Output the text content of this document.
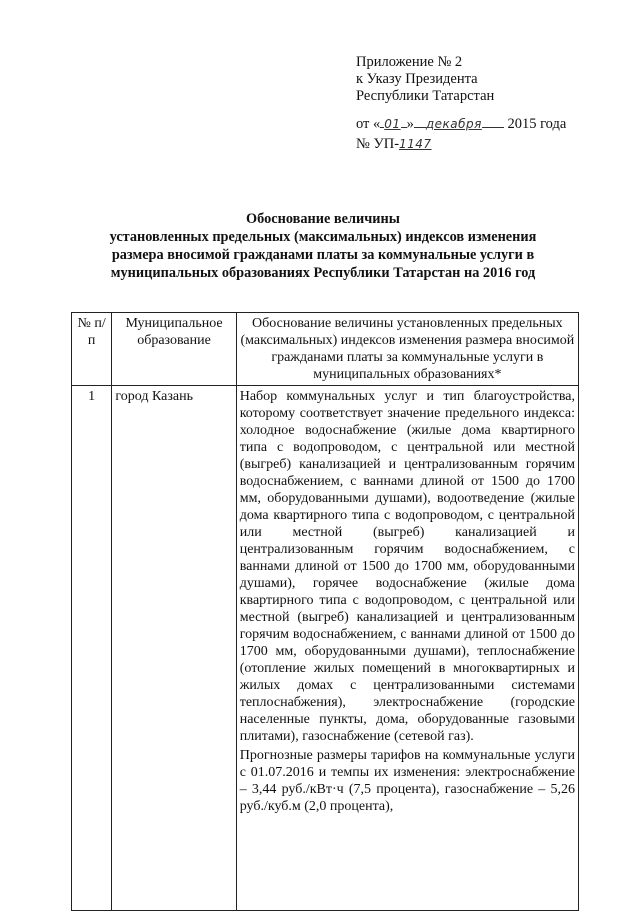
Приложение № 2
к Указу Президента
Республики Татарстан
от « 01 » декабря 2015 года
№ УП-1147
Обоснование величины
установленных предельных (максимальных) индексов изменения
размера вносимой гражданами платы за коммунальные услуги в
муниципальных образованиях Республики Татарстан на 2016 год
№ п/п	Муниципальное образование	Обоснование величины установленных предельных (максимальных) индексов изменения размера вносимой гражданами платы за коммунальные услуги в муниципальных образованиях*
1	город Казань	Набор коммунальных услуг и тип благоустройства, которому соответствует значение предельного индекса: холодное водоснабжение (жилые дома квартирного типа с водопроводом, с центральной или местной (выгреб) канализацией и централизованным горячим водоснабжением, с ваннами длиной от 1500 до 1700 мм, оборудованными душами), водоотведение (жилые дома квартирного типа с водопроводом, с центральной или местной (выгреб) канализацией и централизованным горячим водоснабжением, с ваннами длиной от 1500 до 1700 мм, оборудованными душами), горячее водоснабжение (жилые дома квартирного типа с водопроводом, с центральной или местной (выгреб) канализацией и централизованным горячим водоснабжением, с ваннами длиной от 1500 до 1700 мм, оборудованными душами), теплоснабжение (отопление жилых помещений в многоквартирных и жилых домах с централизованными системами теплоснабжения), электроснабжение (городские населенные пункты, дома, оборудованные газовыми плитами), газоснабжение (сетевой газ).

Прогнозные размеры тарифов на коммунальные услуги с 01.07.2016 и темпы их изменения: электроснабжение – 3,44 руб./кВт·ч (7,5 процента), газоснабжение – 5,26 руб./куб.м (2,0 процента),
